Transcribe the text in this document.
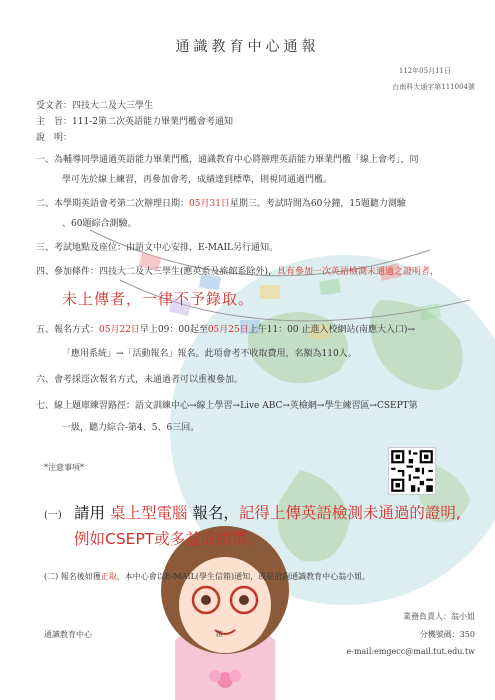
通識教育中心通報
112年05月11日
台南科大通字第111004號
受文者：四技大二及大三學生
主　旨：111-2第二次英語能力畢業門檻會考通知
說　明：
一、為輔導同學通過英語能力畢業門檻，通識教育中心將辦理英語能力畢業門檻「線上會考」，同
學可先於線上練習，再參加會考，成績達到標準，則視同通過門檻。
二、本學期英語會考第二次辦理日期：05月31日星期三。考試時間為60分鐘，15題聽力測驗
、60題綜合測驗。
三、考試地點及座位：由語文中心安排，E-MAIL另行通知。
四、參加條件：四技大二及大三學生(應英系及旅館系除外)，具有參加一次英語檢測未通過之證明者，
未上傳者，一律不予錄取。
五、報名方式：05月22日早上09：00起至05月25日上午11：00 止進入校網站(南應大入口)→
「應用系統」→「活動報名」報名。此項會考不收取費用，名額為110人。
六、會考採逕次報名方式，未通過者可以重複參加。
七、線上題庫練習路徑：語文訓練中心→線上學習→Live ABC→英檢網→學生練習區→CSEPT第
一級，聽力綜合-第4、5、6三回。
*注意事項*
(一) 請用 桌上型電腦 報名，記得上傳英語檢測未通過的證明, 例如CSEPT或多益成績單。
(二) 報名後如獲正取，本中心會以E-MAIL(學生信箱)通知，或是洽詢通識教育中心翁小姐。
業務負責人：翁小姐
分機號碼：350
e-mail:emgecc@mail.tut.edu.tw
通識教育中心	啟
